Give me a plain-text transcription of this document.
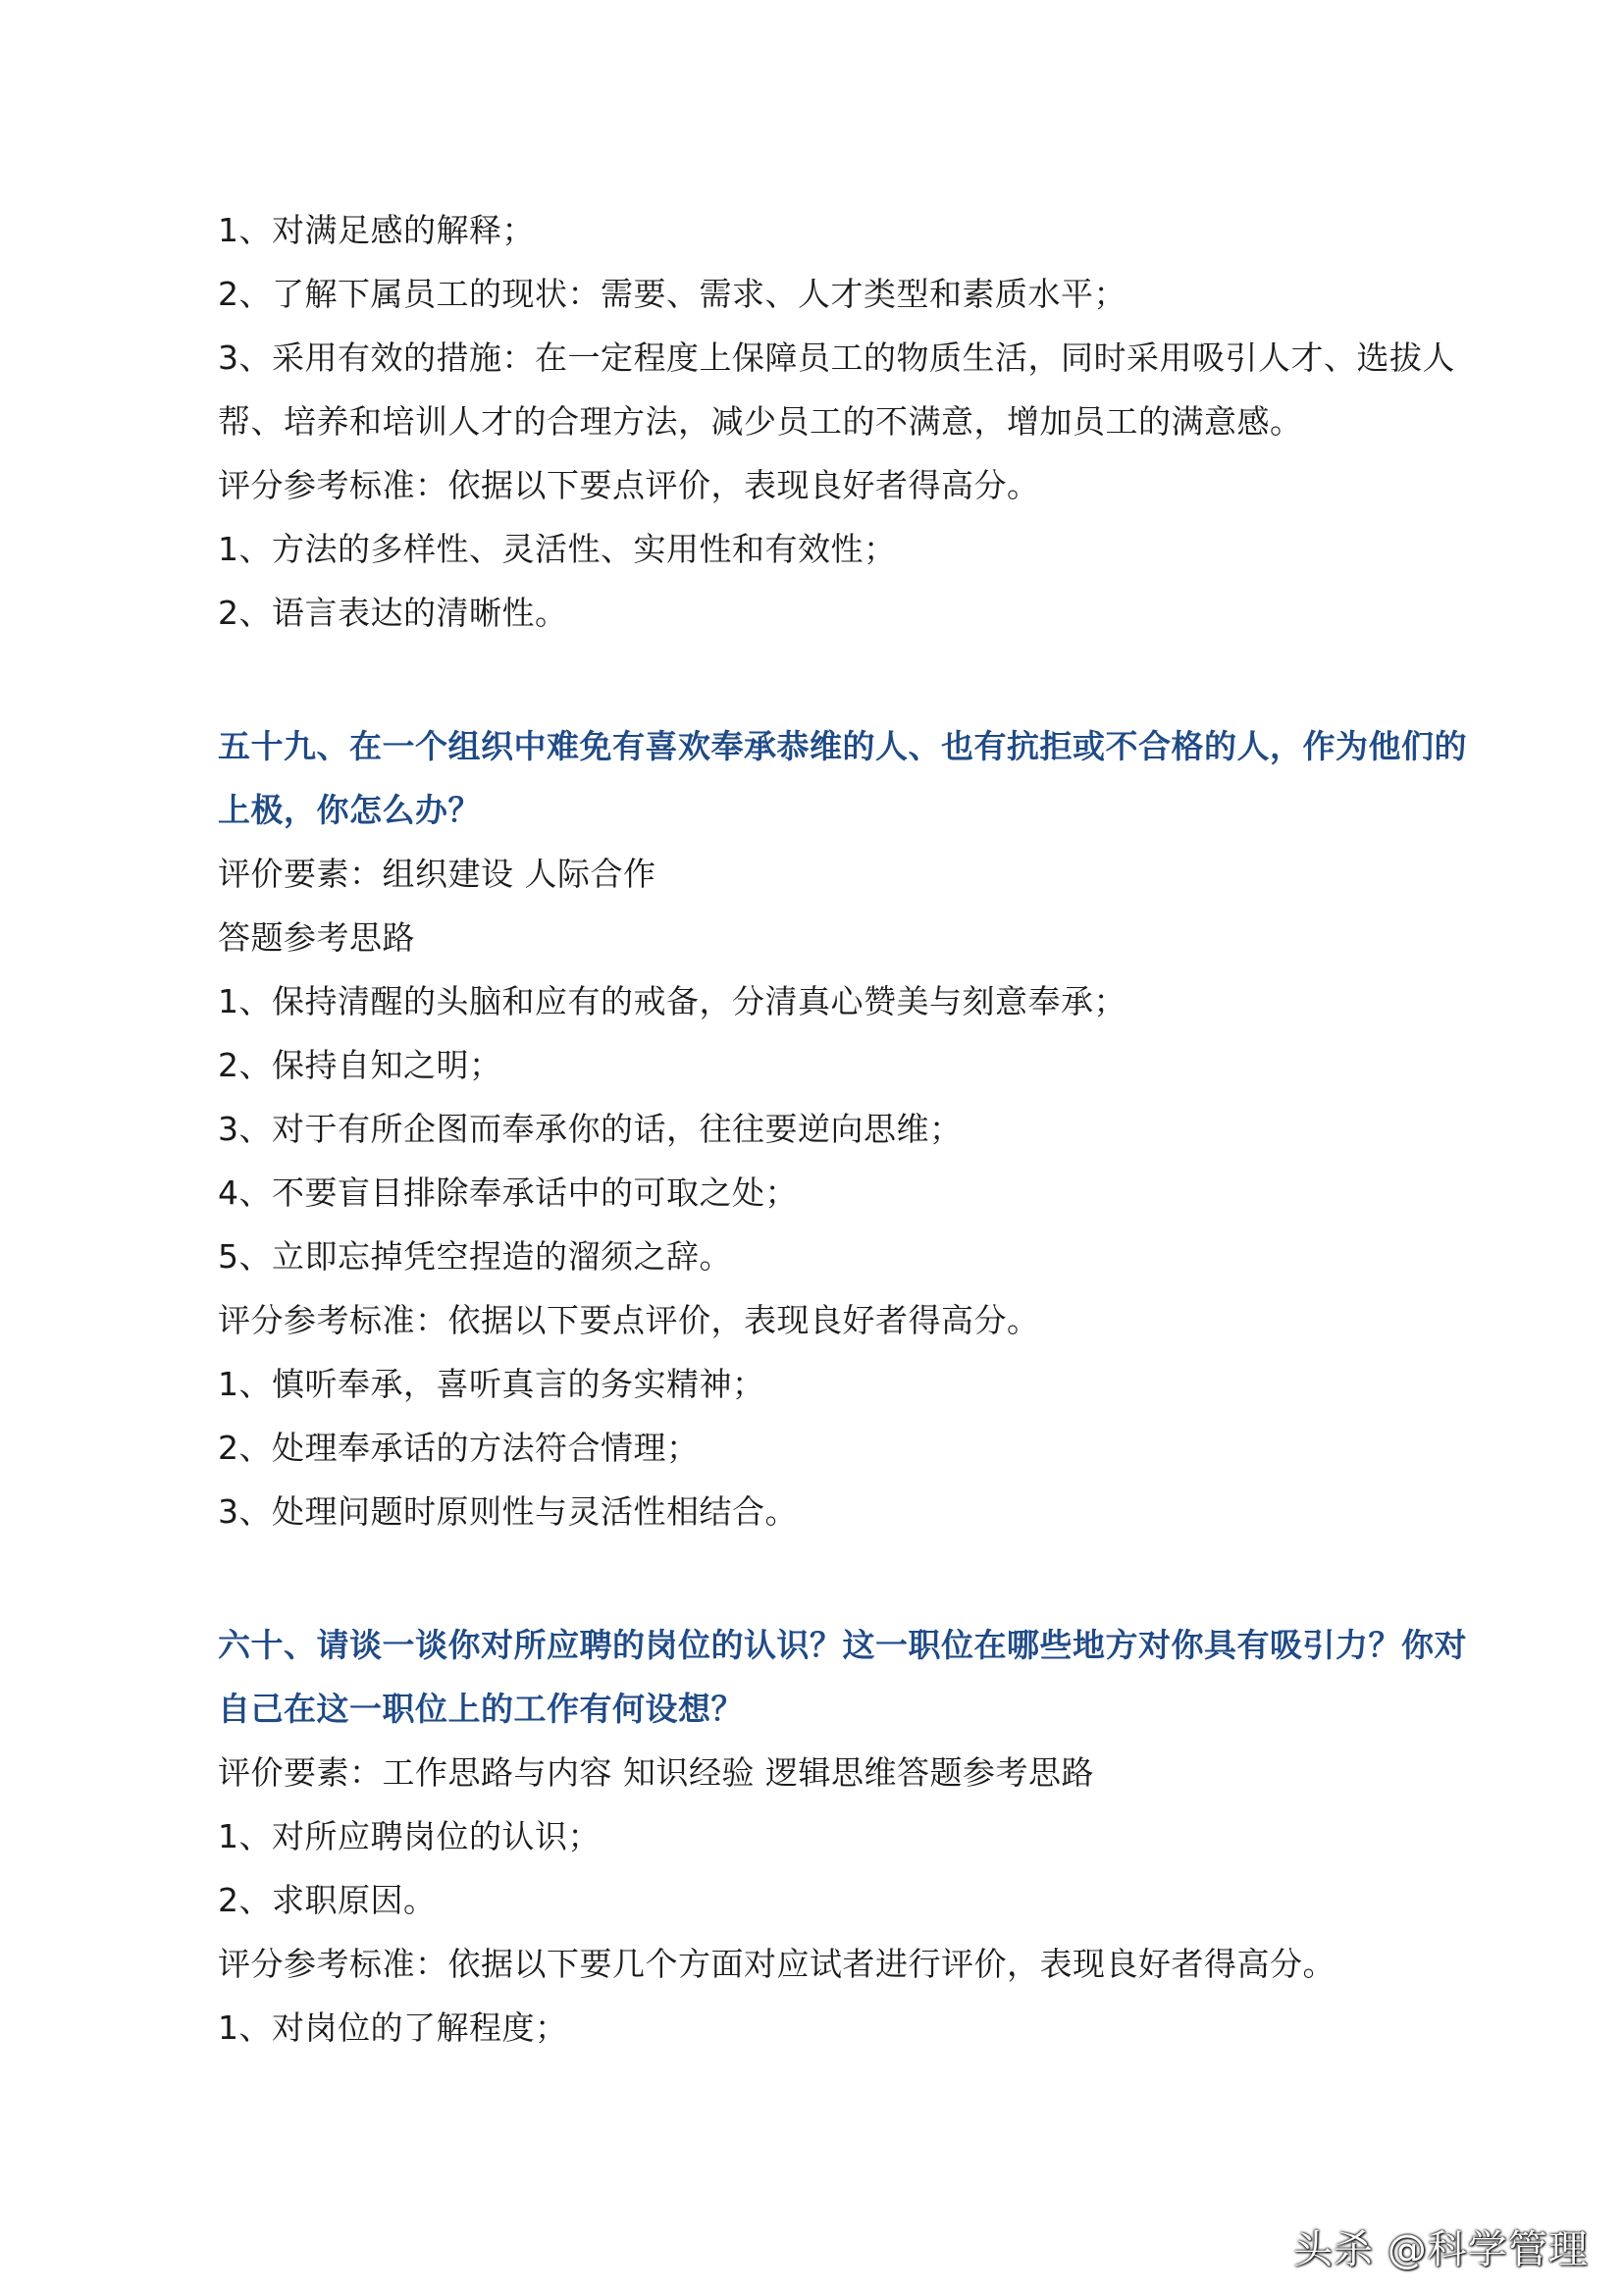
1、对满足感的解释；
2、了解下属员工的现状：需要、需求、人才类型和素质水平；
3、采用有效的措施：在一定程度上保障员工的物质生活，同时采用吸引人才、选拔人
帮、培养和培训人才的合理方法，减少员工的不满意，增加员工的满意感。
评分参考标准：依据以下要点评价，表现良好者得高分。
1、方法的多样性、灵活性、实用性和有效性；
2、语言表达的清晰性。
五十九、在一个组织中难免有喜欢奉承恭维的人、也有抗拒或不合格的人，作为他们的
上极，你怎么办？
评价要素：组织建设 人际合作
答题参考思路
1、保持清醒的头脑和应有的戒备，分清真心赞美与刻意奉承；
2、保持自知之明；
3、对于有所企图而奉承你的话，往往要逆向思维；
4、不要盲目排除奉承话中的可取之处；
5、立即忘掉凭空捏造的溜须之辞。
评分参考标准：依据以下要点评价，表现良好者得高分。
1、慎听奉承，喜听真言的务实精神；
2、处理奉承话的方法符合情理；
3、处理问题时原则性与灵活性相结合。
六十、请谈一谈你对所应聘的岗位的认识？这一职位在哪些地方对你具有吸引力？你对
自己在这一职位上的工作有何设想？
评价要素：工作思路与内容 知识经验 逻辑思维答题参考思路
1、对所应聘岗位的认识；
2、求职原因。
评分参考标准：依据以下要几个方面对应试者进行评价，表现良好者得高分。
1、对岗位的了解程度；
头杀 @科学管理
